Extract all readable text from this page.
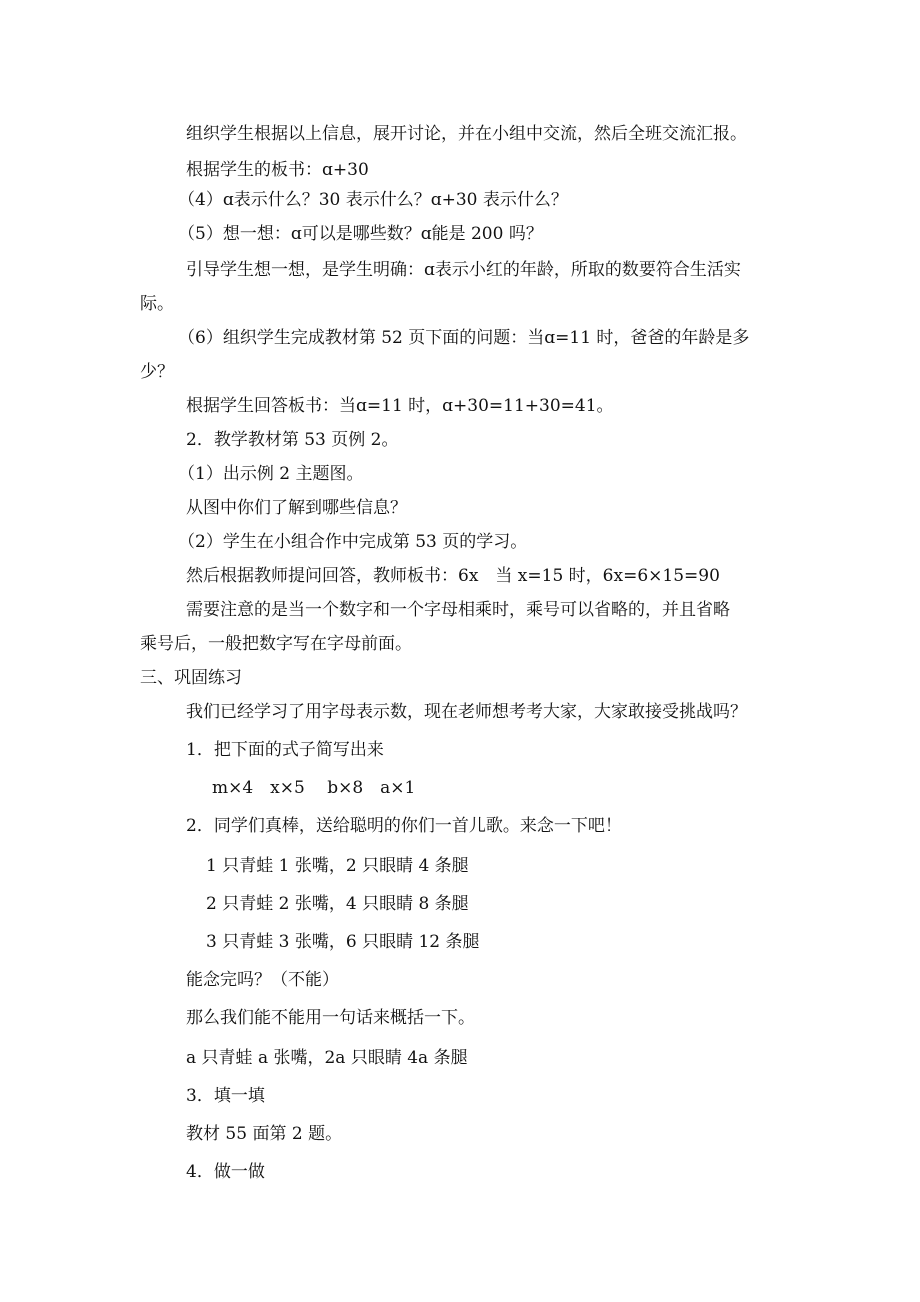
组织学生根据以上信息，展开讨论，并在小组中交流，然后全班交流汇报。

根据学生的板书：ɑ+30

（4）ɑ表示什么？30 表示什么？ɑ+30 表示什么？

（5）想一想：ɑ可以是哪些数？ɑ能是 200 吗？

引导学生想一想，是学生明确：ɑ表示小红的年龄，所取的数要符合生活实

际。

（6）组织学生完成教材第 52 页下面的问题：当ɑ=11 时，爸爸的年龄是多

少？

根据学生回答板书：当ɑ=11 时，ɑ+30=11+30=41。

2．教学教材第 53 页例 2。

（1）出示例 2 主题图。

从图中你们了解到哪些信息？

（2）学生在小组合作中完成第 53 页的学习。

然后根据教师提问回答，教师板书：6x　当 x=15 时，6x=6×15=90

需要注意的是当一个数字和一个字母相乘时，乘号可以省略的，并且省略

乘号后，一般把数字写在字母前面。

三、巩固练习

我们已经学习了用字母表示数，现在老师想考考大家，大家敢接受挑战吗？

1．把下面的式子简写出来

m×4　x×5　 b×8　a×1

2．同学们真棒，送给聪明的你们一首儿歌。来念一下吧！

1 只青蛙 1 张嘴，2 只眼睛 4 条腿

2 只青蛙 2 张嘴，4 只眼睛 8 条腿

3 只青蛙 3 张嘴，6 只眼睛 12 条腿

能念完吗？（不能）

那么我们能不能用一句话来概括一下。

a 只青蛙 a 张嘴，2a 只眼睛 4a 条腿

3．填一填

教材 55 面第 2 题。

4．做一做
